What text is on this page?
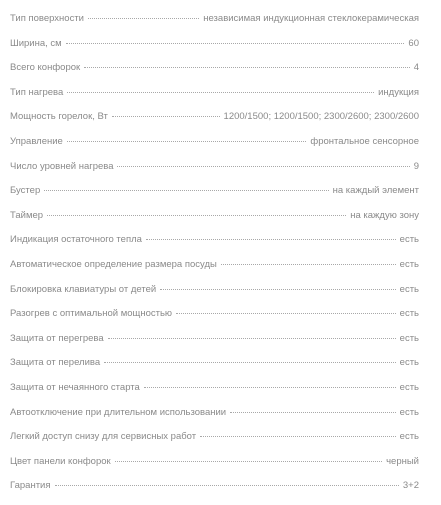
Тип поверхности	независимая индукционная стеклокерамическая
Ширина, см	60
Всего конфорок	4
Тип нагрева	индукция
Мощность горелок, Вт	1200/1500; 1200/1500; 2300/2600; 2300/2600
Управление	фронтальное сенсорное
Число уровней нагрева	9
Бустер	на каждый элемент
Таймер	на каждую зону
Индикация остаточного тепла	есть
Автоматическое определение размера посуды	есть
Блокировка клавиатуры от детей	есть
Разогрев с оптимальной мощностью	есть
Защита от перегрева	есть
Защита от перелива	есть
Защита от нечаянного старта	есть
Автоотключение при длительном использовании	есть
Легкий доступ снизу для сервисных работ	есть
Цвет панели конфорок	черный
Гарантия	3+2
